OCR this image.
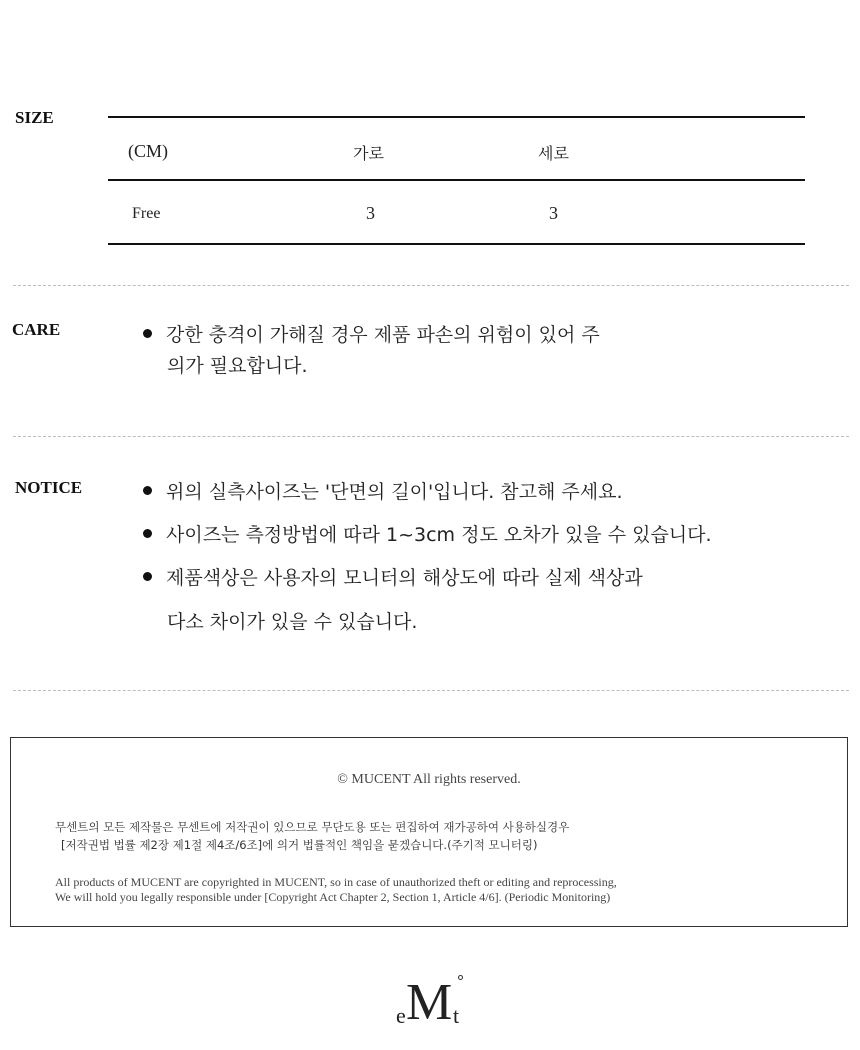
SIZE
(CM)	가로	세로
Free	3	3
CARE	강한 충격이 가해질 경우 제품 파손의 위험이 있어 주
의가 필요합니다.
NOTICE	위의 실측사이즈는 '단면의 길이'입니다. 참고해 주세요.
사이즈는 측정방법에 따라 1~3cm 정도 오차가 있을 수 있습니다.
제품색상은 사용자의 모니터의 해상도에 따라 실제 색상과
다소 차이가 있을 수 있습니다.
© MUCENT All rights reserved.
무센트의 모든 제작물은 무센트에 저작권이 있으므로 무단도용 또는 편집하여 재가공하여 사용하실경우
[저작권법 법률 제2장 제1절 제4조/6조]에 의거 법률적인 책임을 묻겠습니다.(주기적 모니터링)
All products of MUCENT are copyrighted in MUCENT, so in case of unauthorized theft or editing and reprocessing,
We will hold you legally responsible under [Copyright Act Chapter 2, Section 1, Article 4/6]. (Periodic Monitoring)
e M t
